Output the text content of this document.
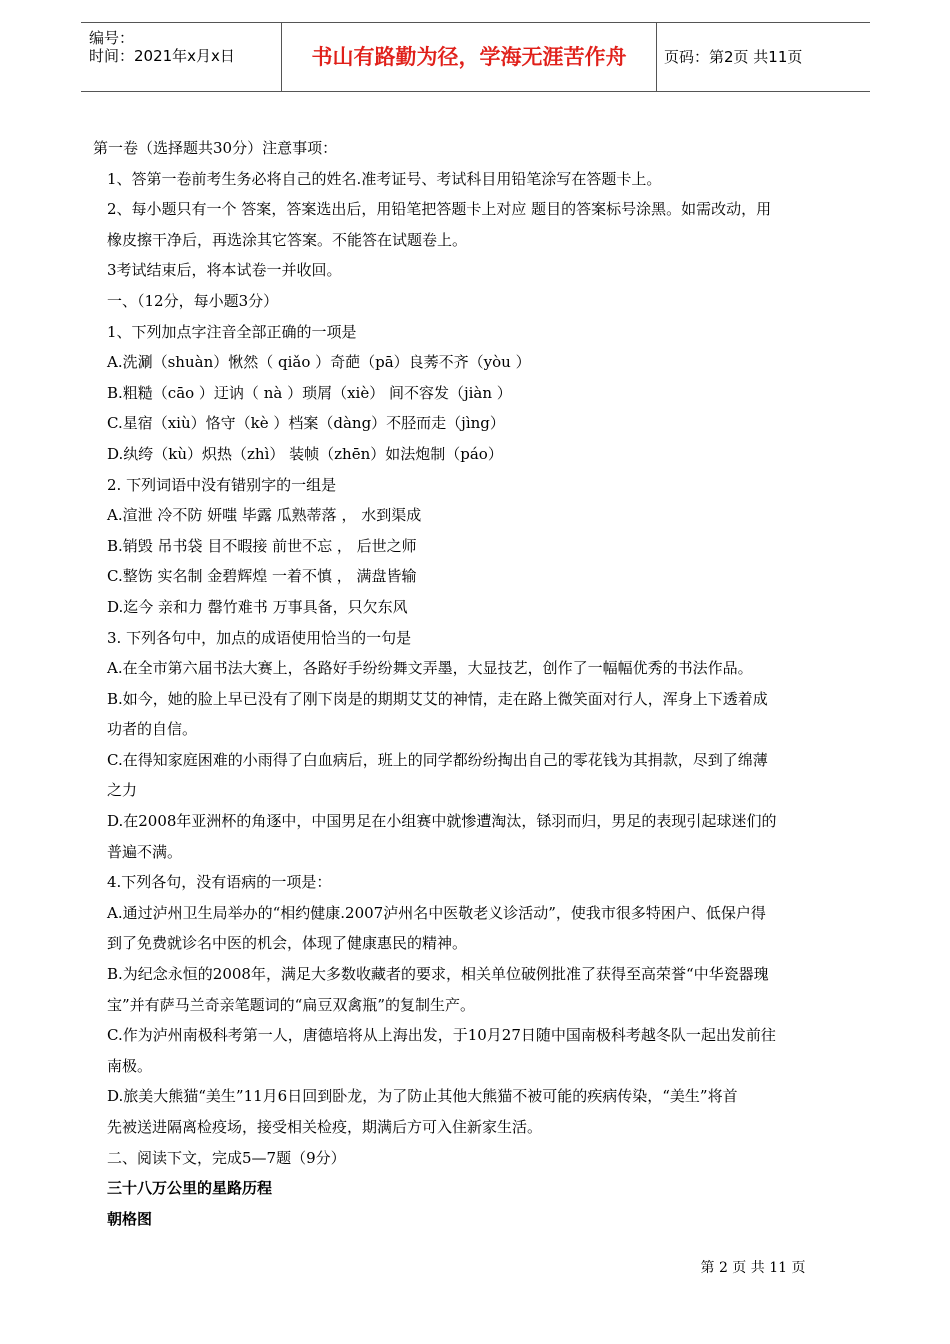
编号：
时间：2021年x月x日	书山有路勤为径，学海无涯苦作舟	页码：第2页 共11页

第一卷（选择题共30分）注意事项：

1、答第一卷前考生务必将自己的姓名.准考证号、考试科目用铅笔涂写在答题卡上。

2、每小题只有一个 答案，答案选出后，用铅笔把答题卡上对应 题目的答案标号涂黑。如需改动，用

橡皮擦干净后，再选涂其它答案。不能答在试题卷上。

3考试结束后，将本试卷一并收回。

一、（12分，每小题3分）

1、下列加点字注音全部正确的一项是

A.洗涮（shuàn）愀然（ qiǎo ）奇葩（pā）良莠不齐（yòu ）

B.粗糙（cāo ）迂讷（ nà ）琐屑（xiè） 间不容发（jiàn ）

C.星宿（xiù）恪守（kè ）档案（dàng）不胫而走（jìng）

D.纨绔（kù）炽热（zhì） 装帧（zhēn）如法炮制（páo）

2. 下列词语中没有错别字的一组是

A.渲泄 冷不防 妍嗤 毕露 瓜熟蒂落 ， 水到渠成

B.销毁 吊书袋 目不暇接 前世不忘 ， 后世之师

C.整饬 实名制 金碧辉煌 一着不慎 ， 满盘皆输

D.迄今 亲和力 罄竹难书 万事具备，只欠东风

3. 下列各句中，加点的成语使用恰当的一句是

A.在全市第六届书法大赛上，各路好手纷纷舞文弄墨，大显技艺，创作了一幅幅优秀的书法作品。

B.如今，她的脸上早已没有了刚下岗是的期期艾艾的神情，走在路上微笑面对行人，浑身上下透着成

功者的自信。

C.在得知家庭困难的小雨得了白血病后，班上的同学都纷纷掏出自己的零花钱为其捐款，尽到了绵薄

之力

D.在2008年亚洲杯的角逐中，中国男足在小组赛中就惨遭淘汰，铩羽而归，男足的表现引起球迷们的

普遍不满。

4.下列各句，没有语病的一项是：

A.通过泸州卫生局举办的“相约健康.2007泸州名中医敬老义诊活动”，使我市很多特困户、低保户得

到了免费就诊名中医的机会，体现了健康惠民的精神。

B.为纪念永恒的2008年，满足大多数收藏者的要求，相关单位破例批准了获得至高荣誉“中华瓷器瑰

宝”并有萨马兰奇亲笔题词的“扁豆双禽瓶”的复制生产。

C.作为泸州南极科考第一人，唐德培将从上海出发，于10月27日随中国南极科考越冬队一起出发前往

南极。

D.旅美大熊猫“美生”11月6日回到卧龙，为了防止其他大熊猫不被可能的疾病传染，“美生”将首

先被送进隔离检疫场，接受相关检疫，期满后方可入住新家生活。

二、阅读下文，完成5—7题（9分）

三十八万公里的星路历程

朝格图

第 2 页 共 11 页
